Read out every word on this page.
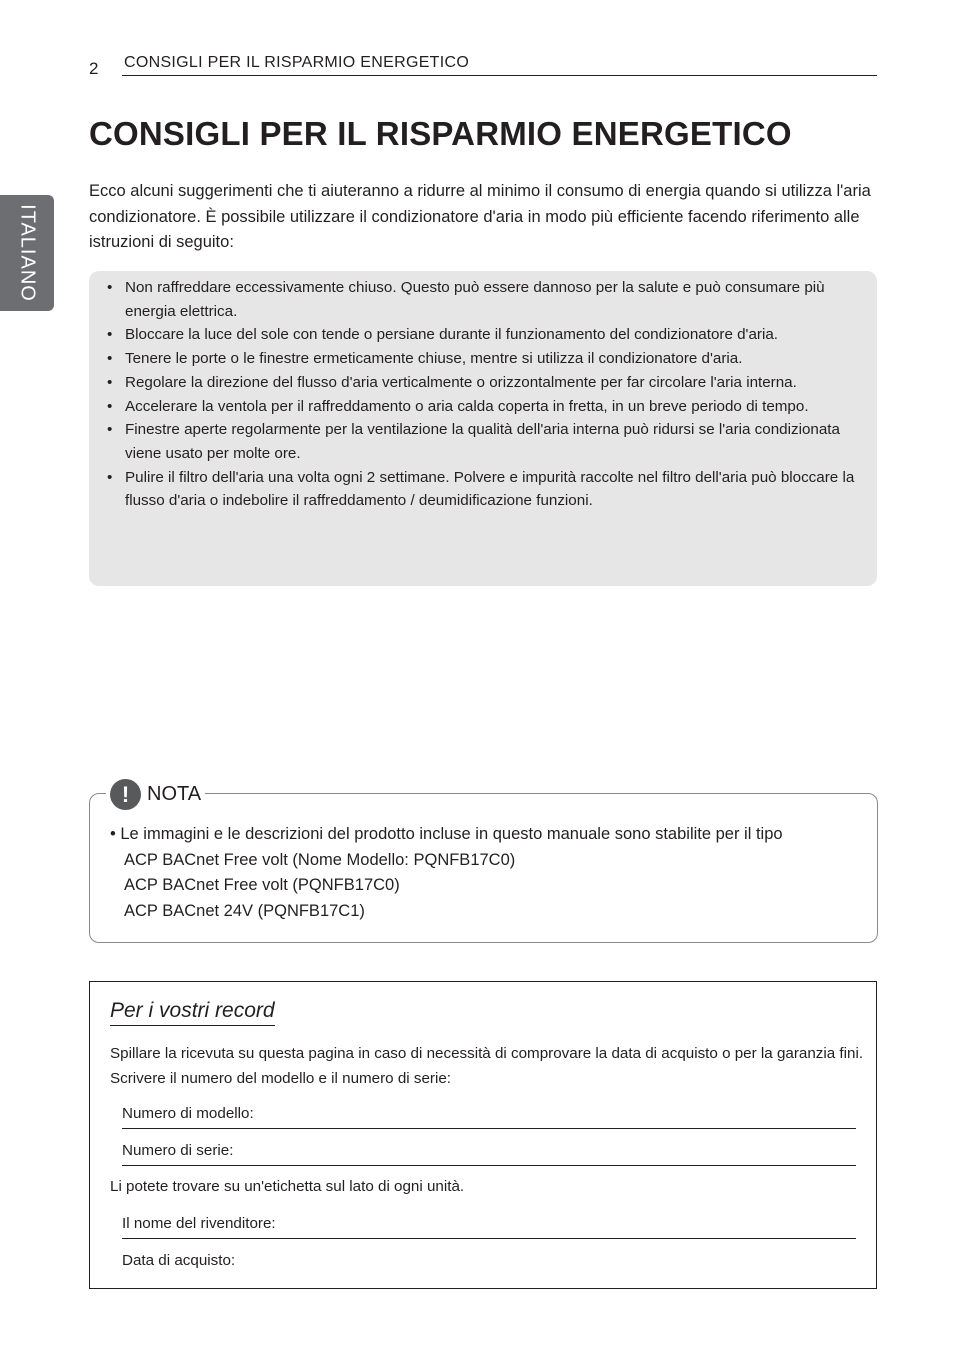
2 CONSIGLI PER IL RISPARMIO ENERGETICO
ITALIANO
CONSIGLI PER IL RISPARMIO ENERGETICO

Ecco alcuni suggerimenti che ti aiuteranno a ridurre al minimo il consumo di energia quando si utilizza l'aria condizionatore. È possibile utilizzare il condizionatore d'aria in modo più efficiente facendo riferimento alle istruzioni di seguito:

• Non raffreddare eccessivamente chiuso. Questo può essere dannoso per la salute e può consumare più energia elettrica.
• Bloccare la luce del sole con tende o persiane durante il funzionamento del condizionatore d'aria.
• Tenere le porte o le finestre ermeticamente chiuse, mentre si utilizza il condizionatore d'aria.
• Regolare la direzione del flusso d'aria verticalmente o orizzontalmente per far circolare l'aria interna.
• Accelerare la ventola per il raffreddamento o aria calda coperta in fretta, in un breve periodo di tempo.
• Finestre aperte regolarmente per la ventilazione la qualità dell'aria interna può ridursi se l'aria condizionata viene usato per molte ore.
• Pulire il filtro dell'aria una volta ogni 2 settimane. Polvere e impurità raccolte nel filtro dell'aria può bloccare la flusso d'aria o indebolire il raffreddamento / deumidificazione funzioni.
! NOTA
• Le immagini e le descrizioni del prodotto incluse in questo manuale sono stabilite per il tipo
ACP BACnet Free volt (Nome Modello: PQNFB17C0)
ACP BACnet Free volt (PQNFB17C0)
ACP BACnet 24V (PQNFB17C1)
Per i vostri record
Spillare la ricevuta su questa pagina in caso di necessità di comprovare la data di acquisto o per la garanzia fini. Scrivere il numero del modello e il numero di serie:
Numero di modello:
Numero di serie:
Li potete trovare su un'etichetta sul lato di ogni unità.
Il nome del rivenditore:
Data di acquisto:
